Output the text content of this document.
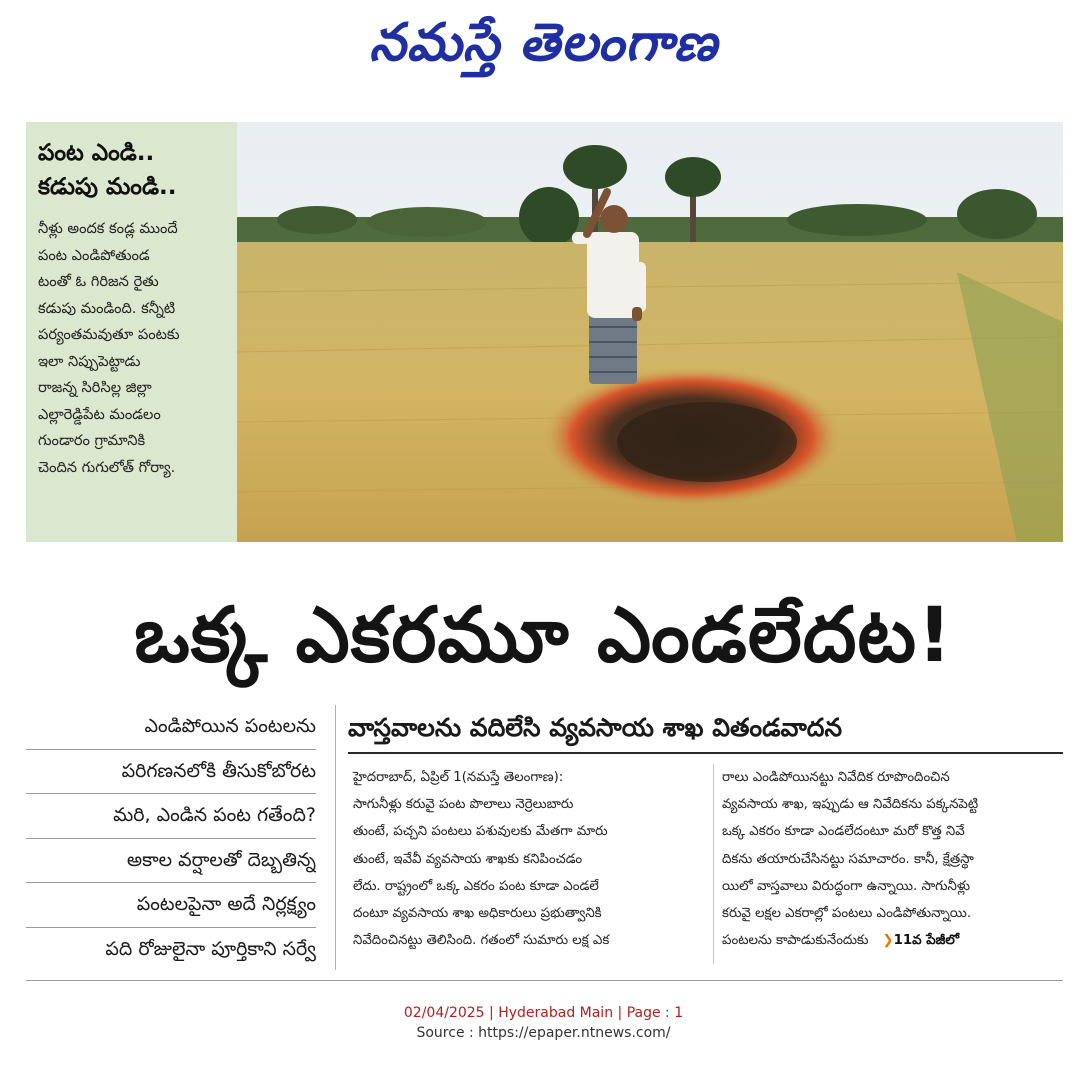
నమస్తే తెలంగాణ
పంట ఎండి..
కడుపు మండి..
నీళ్లు అందక కండ్ల ముందే
పంట ఎండిపోతుండ
టంతో ఓ గిరిజన రైతు
కడుపు మండింది. కన్నీటి
పర్యంతమవుతూ పంటకు
ఇలా నిప్పుపెట్టాడు
రాజన్న సిరిసిల్ల జిల్లా
ఎల్లారెడ్డిపేట మండలం
గుండారం గ్రామానికి
చెందిన గుగులోత్ గోర్యా.
ఒక్క ఎకరమూ ఎండలేదట!
ఎండిపోయిన పంటలను
పరిగణనలోకి తీసుకోబోరట
మరి, ఎండిన పంట గతేంది?
అకాల వర్షాలతో దెబ్బతిన్న
పంటలపైనా అదే నిర్లక్ష్యం
పది రోజులైనా పూర్తికాని సర్వే
వాస్తవాలను వదిలేసి వ్యవసాయ శాఖ వితండవాదన
హైదరాబాద్, ఏప్రిల్ 1(నమస్తే తెలంగాణ):
సాగునీళ్లు కరువై పంట పొలాలు నెర్రెలుబారు
తుంటే, పచ్చని పంటలు పశువులకు మేతగా మారు
తుంటే, ఇవేవీ వ్యవసాయ శాఖకు కనిపించడం
లేదు. రాష్ట్రంలో ఒక్క ఎకరం పంట కూడా ఎండలే
దంటూ వ్యవసాయ శాఖ అధికారులు ప్రభుత్వానికి
నివేదించినట్టు తెలిసింది. గతంలో సుమారు లక్ష ఎక
రాలు ఎండిపోయినట్టు నివేదిక రూపొందించిన
వ్యవసాయ శాఖ, ఇప్పుడు ఆ నివేదికను పక్కనపెట్టి
ఒక్క ఎకరం కూడా ఎండలేదంటూ మరో కొత్త నివే
దికను తయారుచేసినట్టు సమాచారం. కానీ, క్షేత్రస్థా
యిలో వాస్తవాలు విరుద్ధంగా ఉన్నాయి. సాగునీళ్లు
కరువై లక్షల ఎకరాల్లో పంటలు ఎండిపోతున్నాయి.
పంటలను కాపాడుకునేందుకు ❯11వ పేజీలో
02/04/2025 | Hyderabad Main | Page : 1
Source : https://epaper.ntnews.com/
